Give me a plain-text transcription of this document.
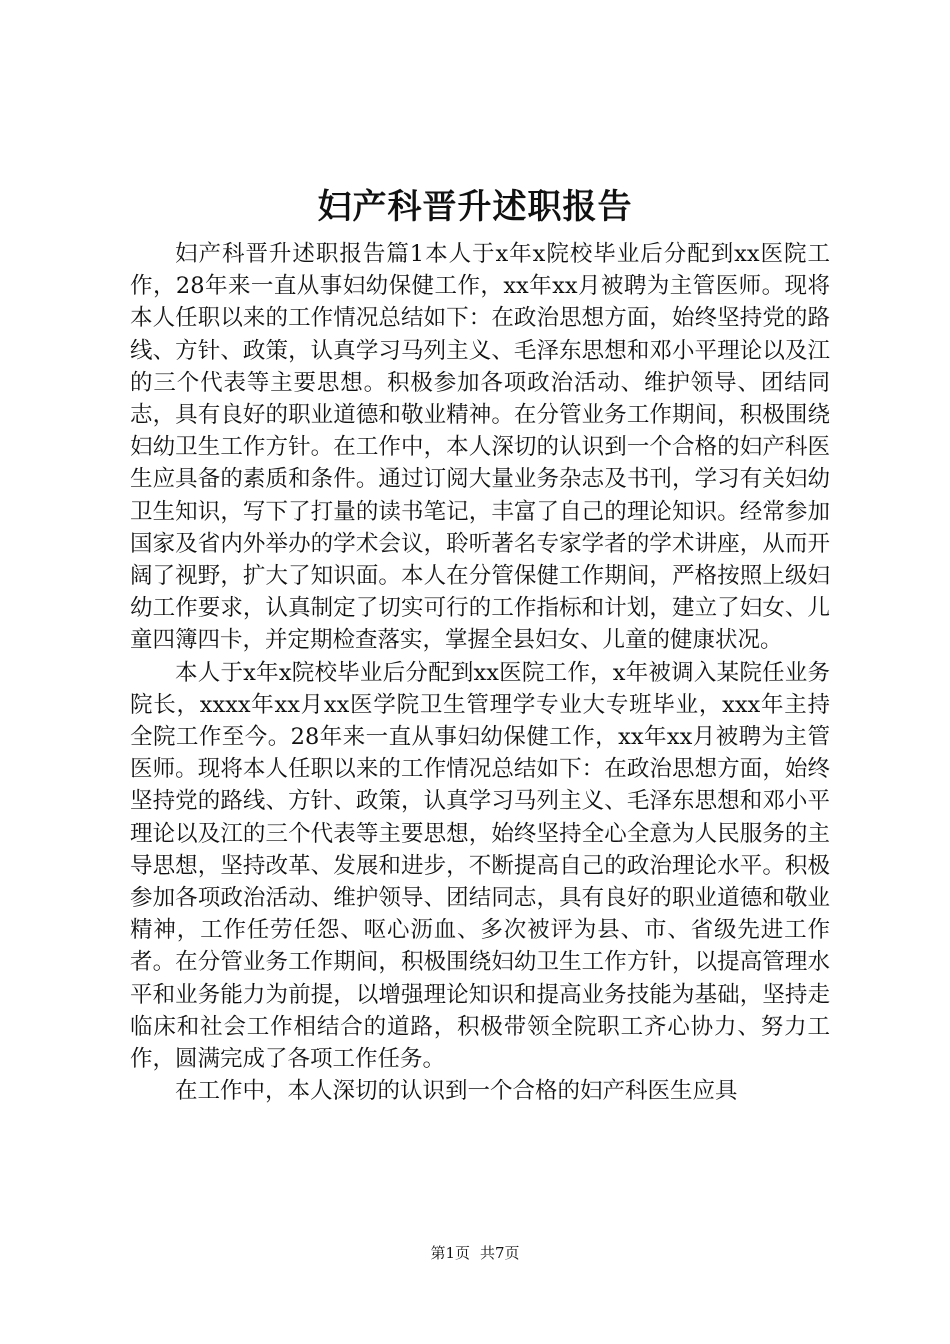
妇产科晋升述职报告

妇产科晋升述职报告篇1本人于x年x院校毕业后分配到xx医院工作，28年来一直从事妇幼保健工作，xx年xx月被聘为主管医师。现将本人任职以来的工作情况总结如下：在政治思想方面，始终坚持党的路线、方针、政策，认真学习马列主义、毛泽东思想和邓小平理论以及江的三个代表等主要思想。积极参加各项政治活动、维护领导、团结同志，具有良好的职业道德和敬业精神。在分管业务工作期间，积极围绕妇幼卫生工作方针。在工作中，本人深切的认识到一个合格的妇产科医生应具备的素质和条件。通过订阅大量业务杂志及书刊，学习有关妇幼卫生知识，写下了打量的读书笔记，丰富了自己的理论知识。经常参加国家及省内外举办的学术会议，聆听著名专家学者的学术讲座，从而开阔了视野，扩大了知识面。本人在分管保健工作期间，严格按照上级妇幼工作要求，认真制定了切实可行的工作指标和计划，建立了妇女、儿童四簿四卡，并定期检查落实，掌握全县妇女、儿童的健康状况。

本人于x年x院校毕业后分配到xx医院工作，x年被调入某院任业务院长，xxxx年xx月xx医学院卫生管理学专业大专班毕业，xxx年主持全院工作至今。28年来一直从事妇幼保健工作，xx年xx月被聘为主管医师。现将本人任职以来的工作情况总结如下：在政治思想方面，始终坚持党的路线、方针、政策，认真学习马列主义、毛泽东思想和邓小平理论以及江的三个代表等主要思想，始终坚持全心全意为人民服务的主导思想，坚持改革、发展和进步，不断提高自己的政治理论水平。积极参加各项政治活动、维护领导、团结同志，具有良好的职业道德和敬业精神，工作任劳任怨、呕心沥血、多次被评为县、市、省级先进工作者。在分管业务工作期间，积极围绕妇幼卫生工作方针，以提高管理水平和业务能力为前提，以增强理论知识和提高业务技能为基础，坚持走临床和社会工作相结合的道路，积极带领全院职工齐心协力、努力工作，圆满完成了各项工作任务。

在工作中，本人深切的认识到一个合格的妇产科医生应具

第1页 共7页
